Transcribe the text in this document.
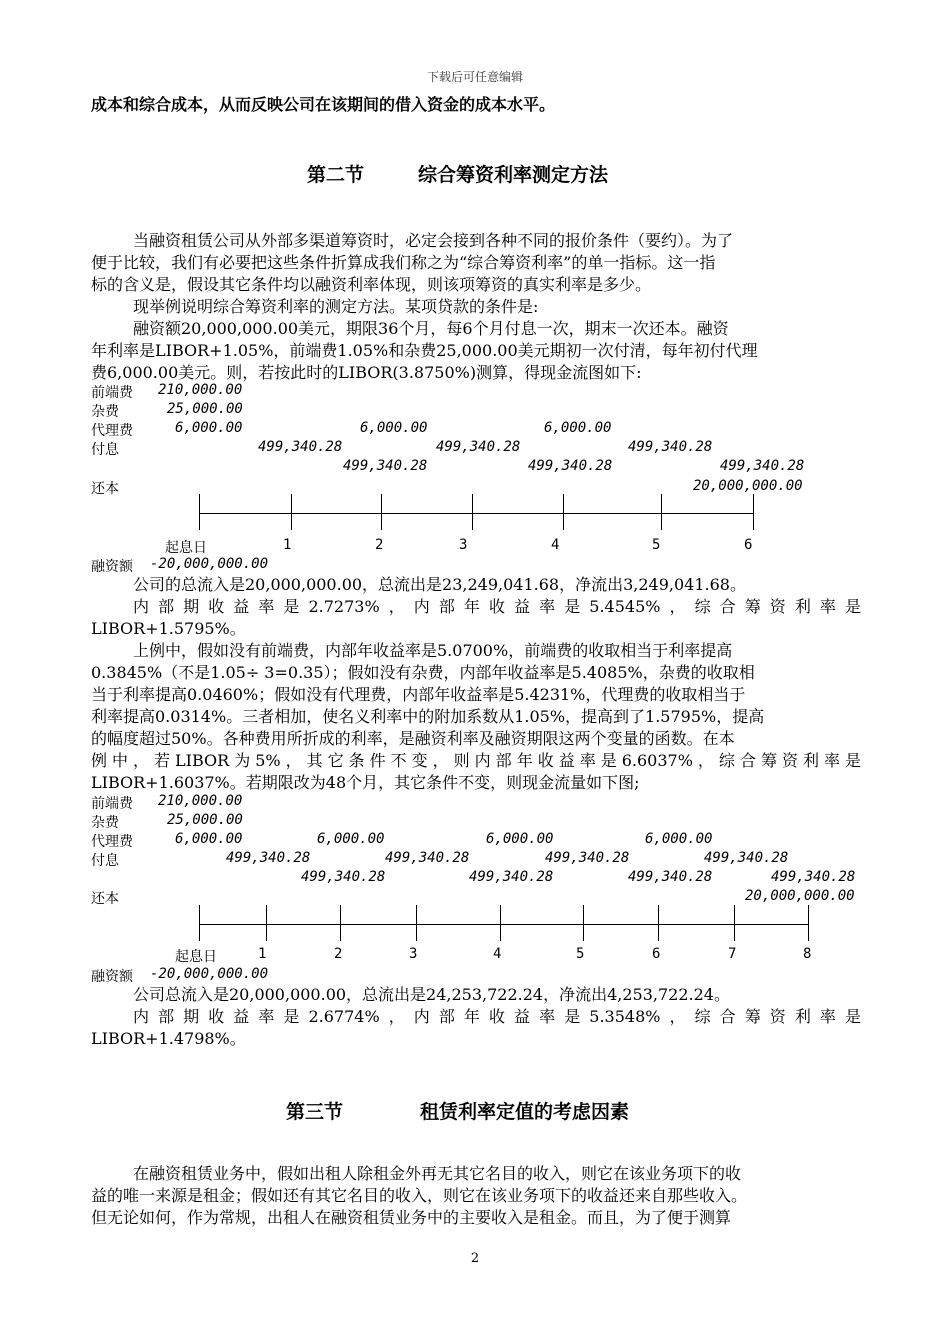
下载后可任意编辑
成本和综合成本，从而反映公司在该期间的借入资金的成本水平。
第二节	综合筹资利率测定方法
当融资租赁公司从外部多渠道筹资时，必定会接到各种不同的报价条件（要约）。为了
便于比较，我们有必要把这些条件折算成我们称之为“综合筹资利率”的单一指标。这一指
标的含义是，假设其它条件均以融资利率体现，则该项筹资的真实利率是多少。
现举例说明综合筹资利率的测定方法。某项贷款的条件是:
融资额20,000,000.00美元，期限36个月，每6个月付息一次，期末一次还本。融资
年利率是LIBOR+1.05%，前端费1.05%和杂费25,000.00美元期初一次付清，每年初付代理
费6,000.00美元。则，若按此时的LIBOR(3.8750%)测算，得现金流图如下:
前端费
杂费
代理费
付息
还本
210,000.00
25,000.00
6,000.00	6,000.00	6,000.00
499,340.28	499,340.28	499,340.28
499,340.28	499,340.28	499,340.28
20,000,000.00
起息日	1	2	3	4	5	6
融资额 -20,000,000.00
公司的总流入是20,000,000.00，总流出是23,249,041.68，净流出3,249,041.68。
内部期收益率是2.7273%，内部年收益率是5.4545%，综合筹资利率是
LIBOR+1.5795%。
上例中，假如没有前端费，内部年收益率是5.0700%，前端费的收取相当于利率提高
0.3845%（不是1.05÷ 3=0.35）；假如没有杂费，内部年收益率是5.4085%，杂费的收取相
当于利率提高0.0460%；假如没有代理费，内部年收益率是5.4231%，代理费的收取相当于
利率提高0.0314%。三者相加，使名义利率中的附加系数从1.05%，提高到了1.5795%，提高
的幅度超过50%。各种费用所折成的利率，是融资利率及融资期限这两个变量的函数。在本
例中，若LIBOR为5%，其它条件不变，则内部年收益率是6.6037%，综合筹资利率是
LIBOR+1.6037%。若期限改为48个月，其它条件不变，则现金流量如下图;
前端费
杂费
代理费
付息
还本
210,000.00
25,000.00
6,000.00	6,000.00	6,000.00	6,000.00
499,340.28	499,340.28	499,340.28	499,340.28
499,340.28	499,340.28	499,340.28	499,340.28
20,000,000.00
起息日	1	2	3	4	5	6	7	8
融资额 -20,000,000.00
公司总流入是20,000,000.00，总流出是24,253,722.24，净流出4,253,722.24。
内部期收益率是2.6774%，内部年收益率是5.3548%，综合筹资利率是
LIBOR+1.4798%。
第三节	租赁利率定值的考虑因素
在融资租赁业务中，假如出租人除租金外再无其它名目的收入，则它在该业务项下的收
益的唯一来源是租金；假如还有其它名目的收入，则它在该业务项下的收益还来自那些收入。
但无论如何，作为常规，出租人在融资租赁业务中的主要收入是租金。而且，为了便于测算
2
